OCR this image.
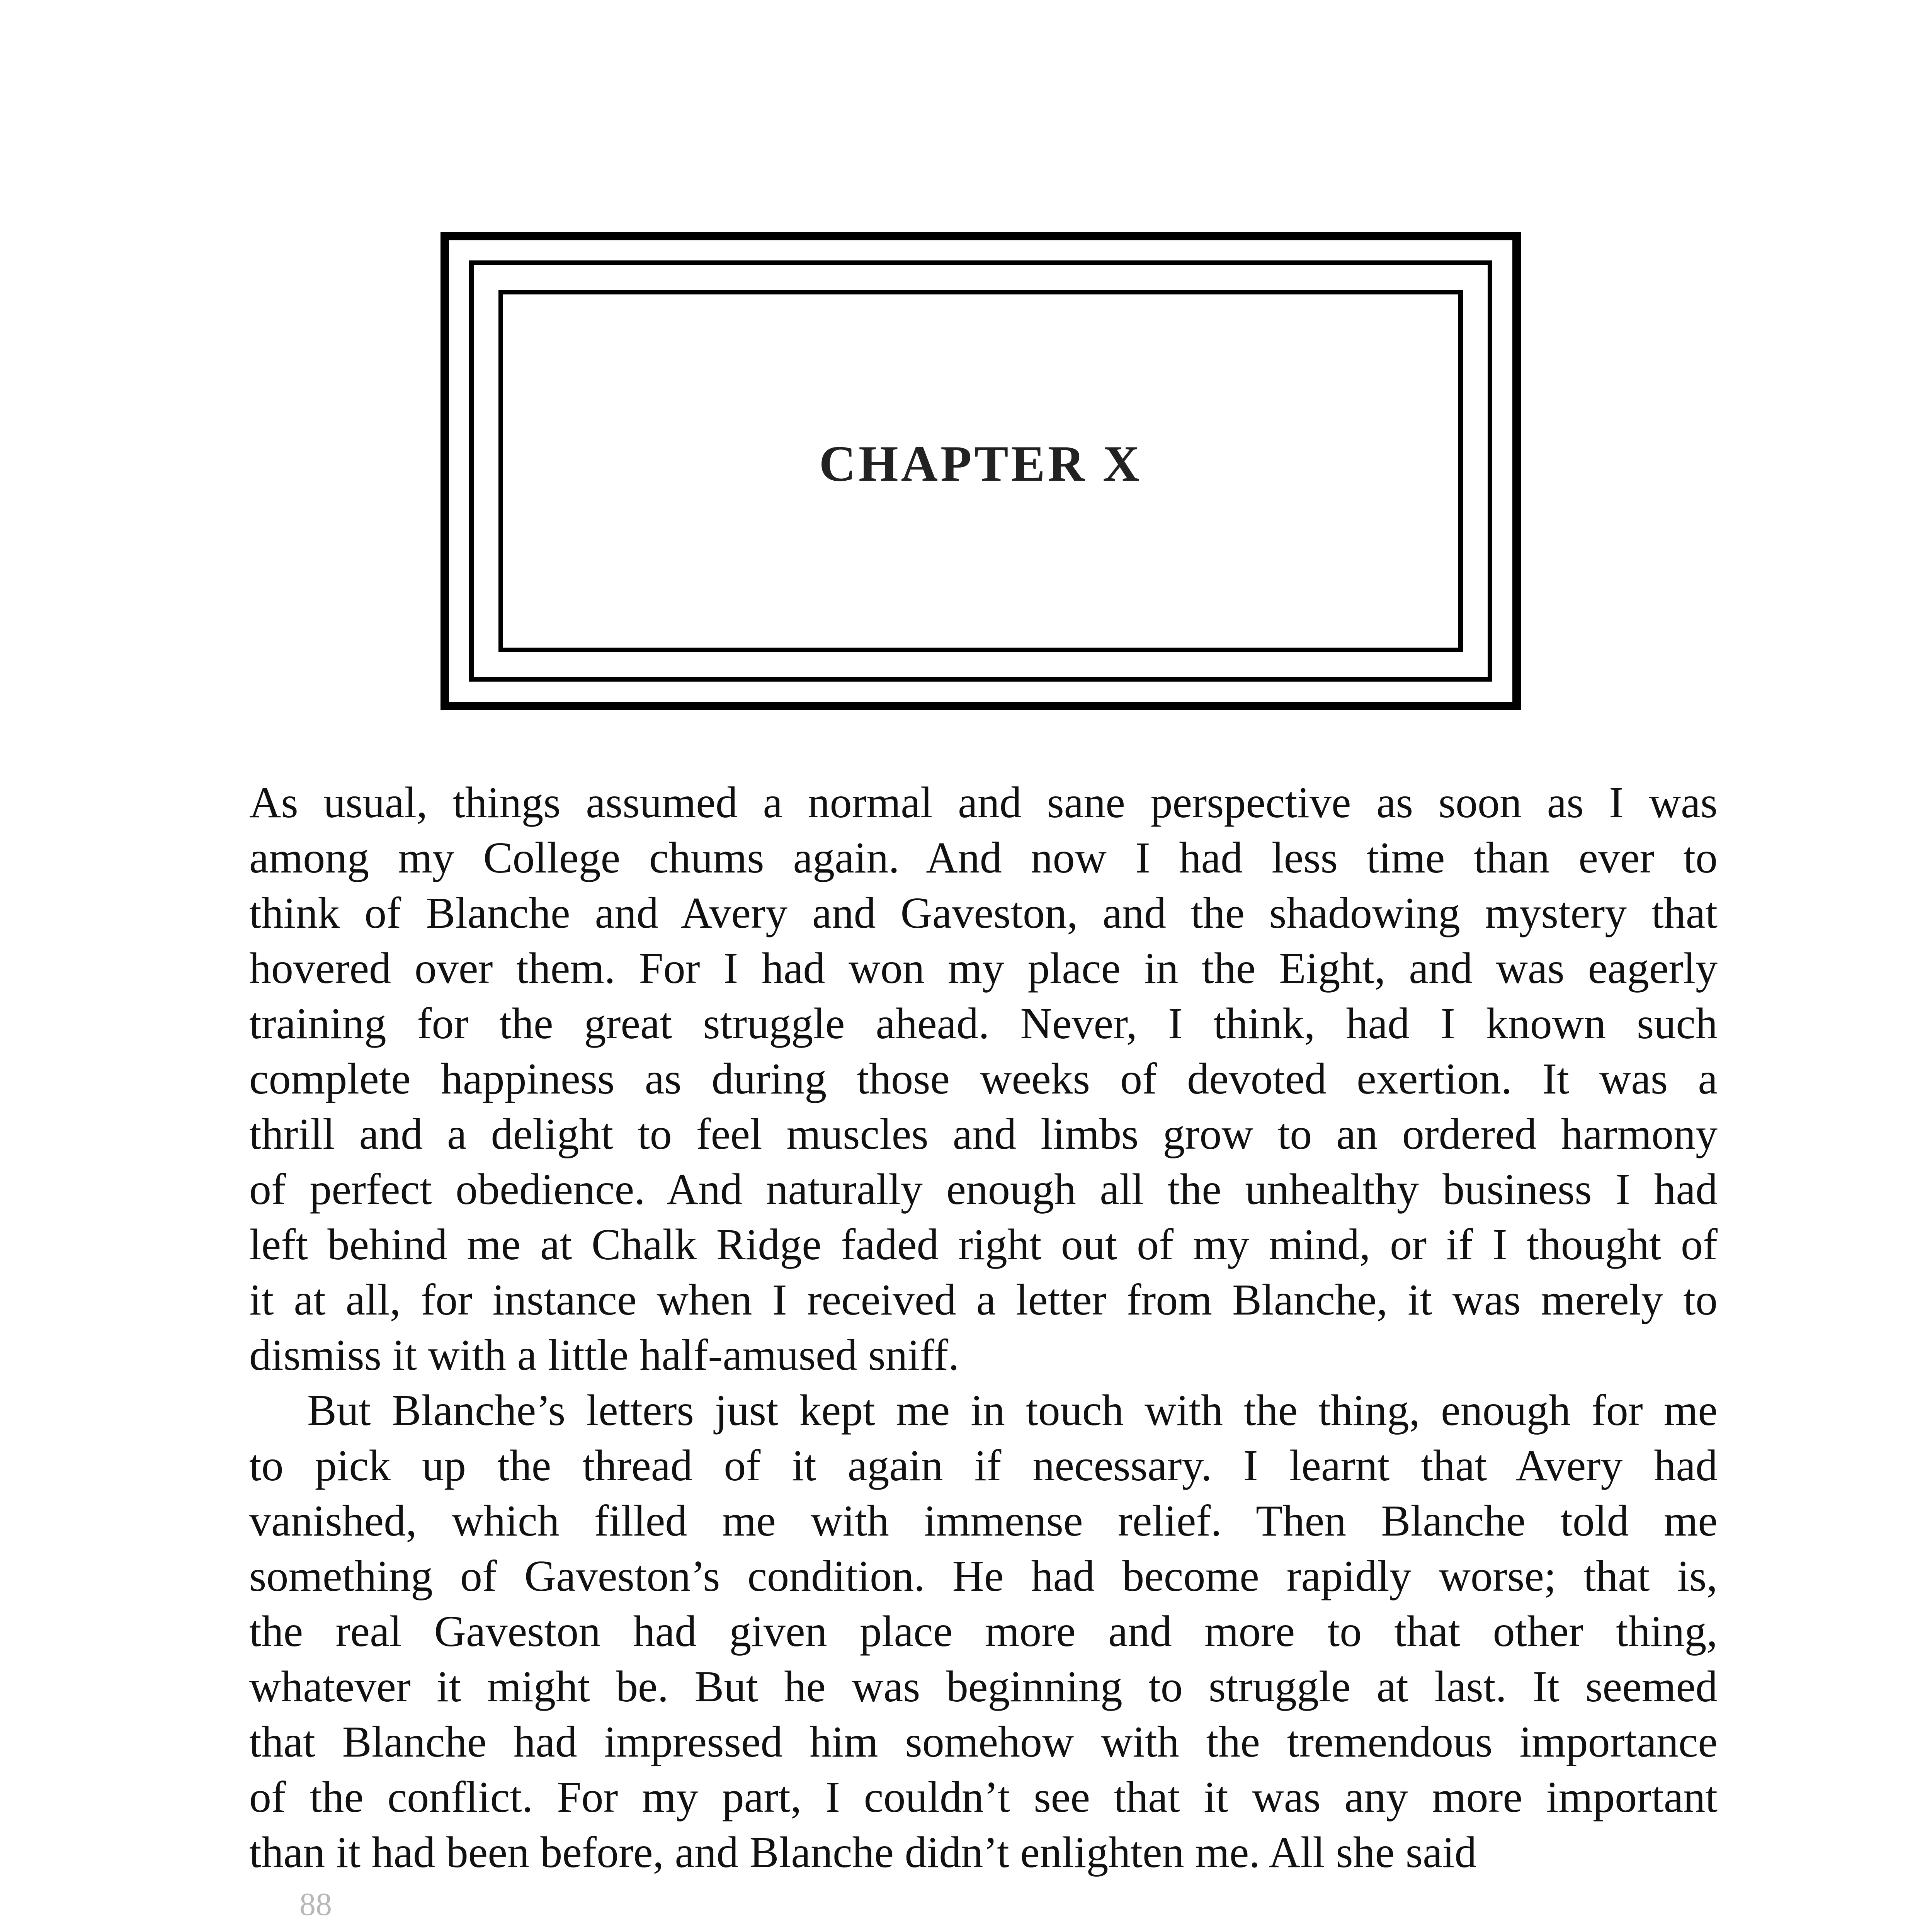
CHAPTER X
As usual, things assumed a normal and sane perspective as soon as I was
among my College chums again. And now I had less time than ever to
think of Blanche and Avery and Gaveston, and the shadowing mystery that
hovered over them. For I had won my place in the Eight, and was eagerly
training for the great struggle ahead. Never, I think, had I known such
complete happiness as during those weeks of devoted exertion. It was a
thrill and a delight to feel muscles and limbs grow to an ordered harmony
of perfect obedience. And naturally enough all the unhealthy business I had
left behind me at Chalk Ridge faded right out of my mind, or if I thought of
it at all, for instance when I received a letter from Blanche, it was merely to
dismiss it with a little half-amused sniff.
But Blanche’s letters just kept me in touch with the thing, enough for me
to pick up the thread of it again if necessary. I learnt that Avery had
vanished, which filled me with immense relief. Then Blanche told me
something of Gaveston’s condition. He had become rapidly worse; that is,
the real Gaveston had given place more and more to that other thing,
whatever it might be. But he was beginning to struggle at last. It seemed
that Blanche had impressed him somehow with the tremendous importance
of the conflict. For my part, I couldn’t see that it was any more important
than it had been before, and Blanche didn’t enlighten me. All she said
88
